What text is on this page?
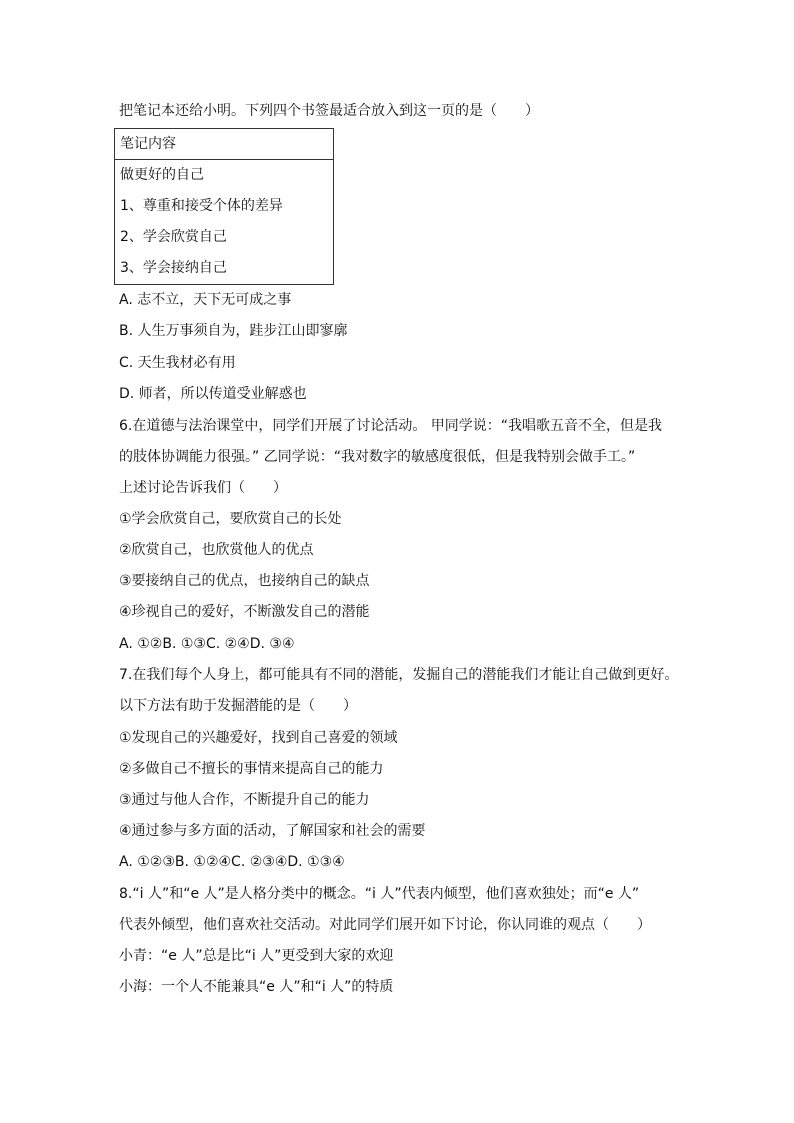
把笔记本还给小明。下列四个书签最适合放入到这一页的是（　　）
笔记内容
做更好的自己
1、尊重和接受个体的差异
2、学会欣赏自己
3、学会接纳自己
A. 志不立，天下无可成之事
B. 人生万事须自为，跬步江山即寥廓
C. 天生我材必有用
D. 师者，所以传道受业解惑也
6.在道德与法治课堂中，同学们开展了讨论活动。 甲同学说：“我唱歌五音不全，但是我
的肢体协调能力很强。” 乙同学说：“我对数字的敏感度很低，但是我特别会做手工。”
上述讨论告诉我们（　　）
①学会欣赏自己，要欣赏自己的长处
②欣赏自己，也欣赏他人的优点
③要接纳自己的优点，也接纳自己的缺点
④珍视自己的爱好，不断激发自己的潜能
A. ①②B. ①③C. ②④D. ③④
7.在我们每个人身上，都可能具有不同的潜能，发掘自己的潜能我们才能让自己做到更好。
以下方法有助于发掘潜能的是（　　）
①发现自己的兴趣爱好，找到自己喜爱的领域
②多做自己不擅长的事情来提高自己的能力
③通过与他人合作，不断提升自己的能力
④通过参与多方面的活动，了解国家和社会的需要
A. ①②③B. ①②④C. ②③④D. ①③④
8.“i 人”和“e 人”是人格分类中的概念。“i 人”代表内倾型，他们喜欢独处；而“e 人”
代表外倾型，他们喜欢社交活动。对此同学们展开如下讨论，你认同谁的观点（　　）
小青：“e 人”总是比“i 人”更受到大家的欢迎
小海：一个人不能兼具“e 人”和“i 人”的特质
